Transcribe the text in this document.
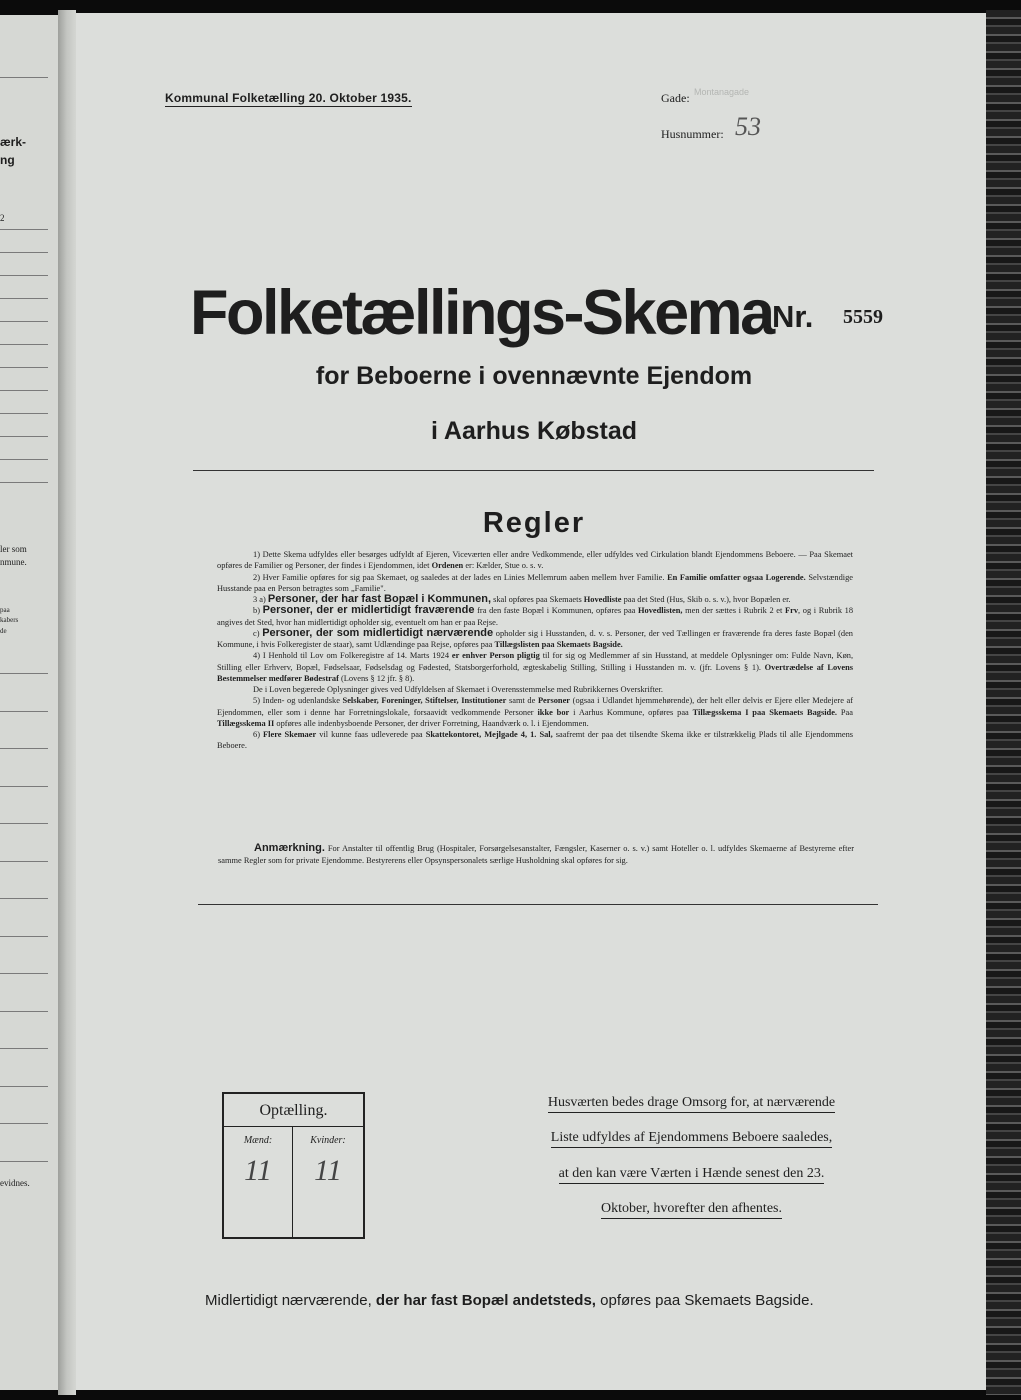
ærk-
ng
2
ler som
nmune.
paa
kabers
de
evidnes.
Kommunal Folketælling 20. Oktober 1935.	Gade: Montanagade
Husnummer: 53
Folketællings-Skema Nr. 5559
for Beboerne i ovennævnte Ejendom
i Aarhus Købstad
Regler

1) Dette Skema udfyldes eller besørges udfyldt af Ejeren, Viceværten eller andre Vedkommende, eller udfyldes ved Cirkulation blandt Ejendommens Beboere. — Paa Skemaet opføres de Familier og Personer, der findes i Ejendommen, idet Ordenen er: Kælder, Stue o. s. v.

2) Hver Familie opføres for sig paa Skemaet, og saaledes at der lades en Linies Mellemrum aaben mellem hver Familie. En Familie omfatter ogsaa Logerende. Selvstændige Husstande paa en Person betragtes som „Familie".

3 a) Personer, der har fast Bopæl i Kommunen, skal opføres paa Skemaets Hovedliste paa det Sted (Hus, Skib o. s. v.), hvor Bopælen er.

b) Personer, der er midlertidigt fraværende fra den faste Bopæl i Kommunen, opføres paa Hovedlisten, men der sættes i Rubrik 2 et Frv, og i Rubrik 18 angives det Sted, hvor han midlertidigt opholder sig, eventuelt om han er paa Rejse.

c) Personer, der som midlertidigt nærværende opholder sig i Husstanden, d. v. s. Personer, der ved Tællingen er fraværende fra deres faste Bopæl (den Kommune, i hvis Folkeregister de staar), samt Udlændinge paa Rejse, opføres paa Tillægslisten paa Skemaets Bagside.

4) I Henhold til Lov om Folkeregistre af 14. Marts 1924 er enhver Person pligtig til for sig og Medlemmer af sin Husstand, at meddele Oplysninger om: Fulde Navn, Køn, Stilling eller Erhverv, Bopæl, Fødselsaar, Fødselsdag og Fødested, Statsborgerforhold, ægteskabelig Stilling, Stilling i Husstanden m. v. (jfr. Lovens § 1). Overtrædelse af Lovens Bestemmelser medfører Bødestraf (Lovens § 12 jfr. § 8).

De i Loven begærede Oplysninger gives ved Udfyldelsen af Skemaet i Overensstemmelse med Rubrikkernes Overskrifter.

5) Inden- og udenlandske Selskaber, Foreninger, Stiftelser, Institutioner samt de Personer (ogsaa i Udlandet hjemmehørende), der helt eller delvis er Ejere eller Medejere af Ejendommen, eller som i denne har Forretningslokale, forsaavidt vedkommende Personer ikke bor i Aarhus Kommune, opføres paa Tillægsskema I paa Skemaets Bagside. Paa Tillægsskema II opføres alle indenbysboende Personer, der driver Forretning, Haandværk o. l. i Ejendommen.

6) Flere Skemaer vil kunne faas udleverede paa Skattekontoret, Mejlgade 4, 1. Sal, saafremt der paa det tilsendte Skema ikke er tilstrækkelig Plads til alle Ejendommens Beboere.

Anmærkning. For Anstalter til offentlig Brug (Hospitaler, Forsørgelsesanstalter, Fængsler, Kaserner o. s. v.) samt Hoteller o. l. udfyldes Skemaerne af Bestyrerne efter samme Regler som for private Ejendomme. Bestyrerens eller Opsynspersonalets særlige Husholdning skal opføres for sig.
Optælling.
Mænd:	Kvinder:
11	11
Husværten bedes drage Omsorg for, at nærværende
Liste udfyldes af Ejendommens Beboere saaledes,
at den kan være Værten i Hænde senest den 23.
Oktober, hvorefter den afhentes.
Midlertidigt nærværende, der har fast Bopæl andetsteds, opføres paa Skemaets Bagside.
